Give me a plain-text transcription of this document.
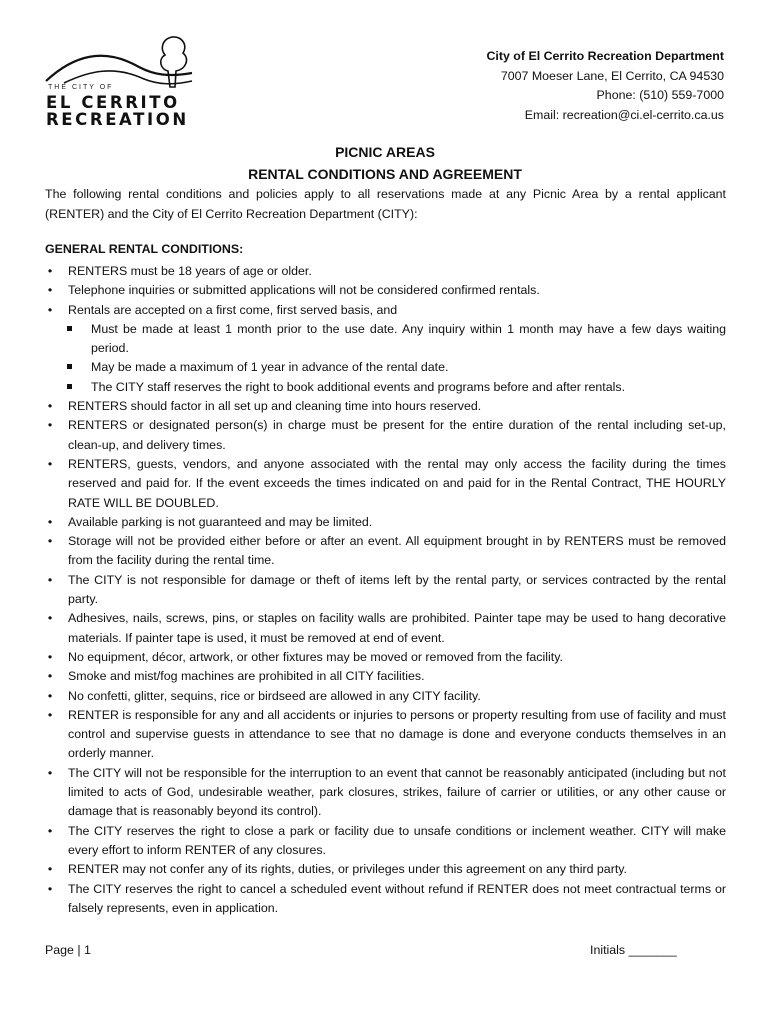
THE CITY OF
EL CERRITO
RECREATION
City of El Cerrito Recreation Department
7007 Moeser Lane, El Cerrito, CA 94530
Phone: (510) 559-7000
Email: recreation@ci.el-cerrito.ca.us
PICNIC AREAS
RENTAL CONDITIONS AND AGREEMENT
The following rental conditions and policies apply to all reservations made at any Picnic Area by a rental applicant (RENTER) and the City of El Cerrito Recreation Department (CITY):
GENERAL RENTAL CONDITIONS:
• RENTERS must be 18 years of age or older.
• Telephone inquiries or submitted applications will not be considered confirmed rentals.
• Rentals are accepted on a first come, first served basis, and
Must be made at least 1 month prior to the use date. Any inquiry within 1 month may have a few days waiting period.
May be made a maximum of 1 year in advance of the rental date.
The CITY staff reserves the right to book additional events and programs before and after rentals.
• RENTERS should factor in all set up and cleaning time into hours reserved.
• RENTERS or designated person(s) in charge must be present for the entire duration of the rental including set-up, clean-up, and delivery times.
• RENTERS, guests, vendors, and anyone associated with the rental may only access the facility during the times reserved and paid for. If the event exceeds the times indicated on and paid for in the Rental Contract, THE HOURLY RATE WILL BE DOUBLED.
• Available parking is not guaranteed and may be limited.
• Storage will not be provided either before or after an event. All equipment brought in by RENTERS must be removed from the facility during the rental time.
• The CITY is not responsible for damage or theft of items left by the rental party, or services contracted by the rental party.
• Adhesives, nails, screws, pins, or staples on facility walls are prohibited. Painter tape may be used to hang decorative materials. If painter tape is used, it must be removed at end of event.
• No equipment, décor, artwork, or other fixtures may be moved or removed from the facility.
• Smoke and mist/fog machines are prohibited in all CITY facilities.
• No confetti, glitter, sequins, rice or birdseed are allowed in any CITY facility.
• RENTER is responsible for any and all accidents or injuries to persons or property resulting from use of facility and must control and supervise guests in attendance to see that no damage is done and everyone conducts themselves in an orderly manner.
• The CITY will not be responsible for the interruption to an event that cannot be reasonably anticipated (including but not limited to acts of God, undesirable weather, park closures, strikes, failure of carrier or utilities, or any other cause or damage that is reasonably beyond its control).
• The CITY reserves the right to close a park or facility due to unsafe conditions or inclement weather. CITY will make every effort to inform RENTER of any closures.
• RENTER may not confer any of its rights, duties, or privileges under this agreement on any third party.
• The CITY reserves the right to cancel a scheduled event without refund if RENTER does not meet contractual terms or falsely represents, even in application.
Page | 1	Initials _______
